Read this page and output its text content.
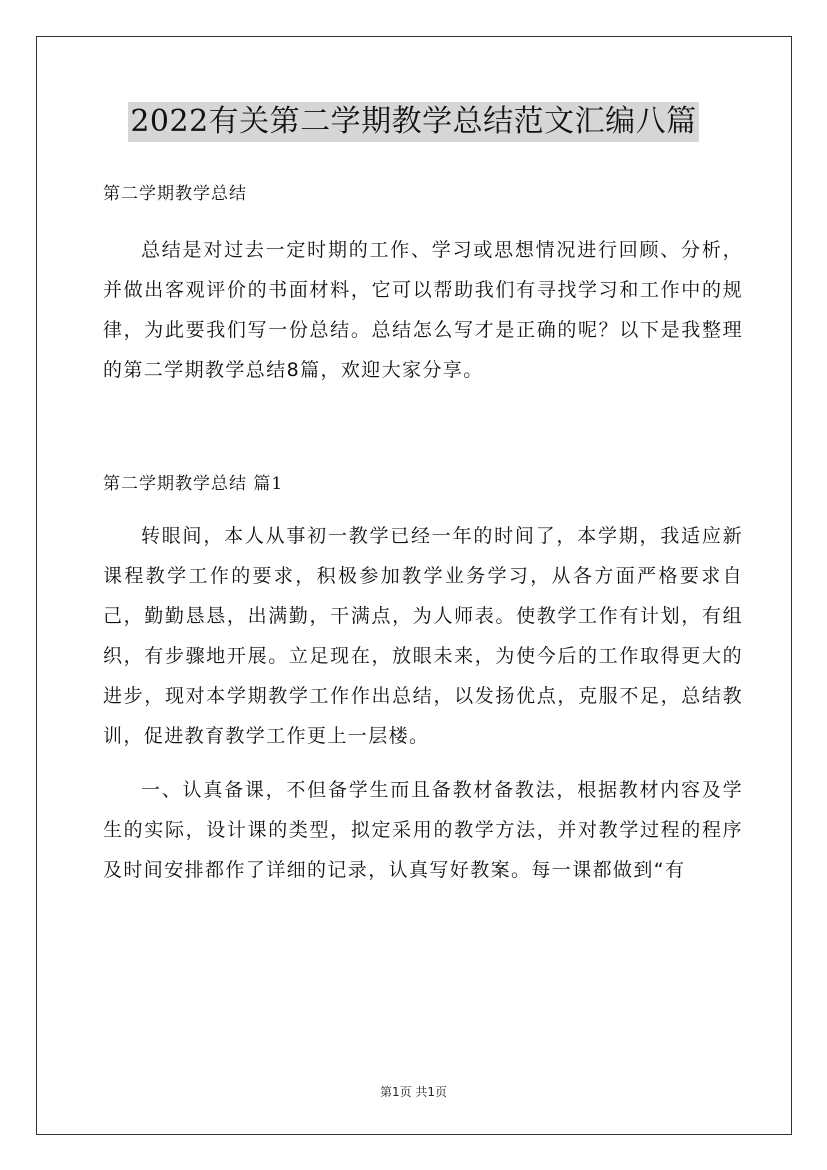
2022有关第二学期教学总结范文汇编八篇

第二学期教学总结

总结是对过去一定时期的工作、学习或思想情况进行回顾、分析，并做出客观评价的书面材料，它可以帮助我们有寻找学习和工作中的规律，为此要我们写一份总结。总结怎么写才是正确的呢？以下是我整理的第二学期教学总结8篇，欢迎大家分享。

第二学期教学总结 篇1

转眼间，本人从事初一教学已经一年的时间了，本学期，我适应新课程教学工作的要求，积极参加教学业务学习，从各方面严格要求自己，勤勤恳恳，出满勤，干满点，为人师表。使教学工作有计划，有组织，有步骤地开展。立足现在，放眼未来，为使今后的工作取得更大的进步，现对本学期教学工作作出总结，以发扬优点，克服不足，总结教训，促进教育教学工作更上一层楼。

一、认真备课，不但备学生而且备教材备教法，根据教材内容及学生的实际，设计课的类型，拟定采用的教学方法，并对教学过程的程序及时间安排都作了详细的记录，认真写好教案。每一课都做到“有

第1页 共1页
